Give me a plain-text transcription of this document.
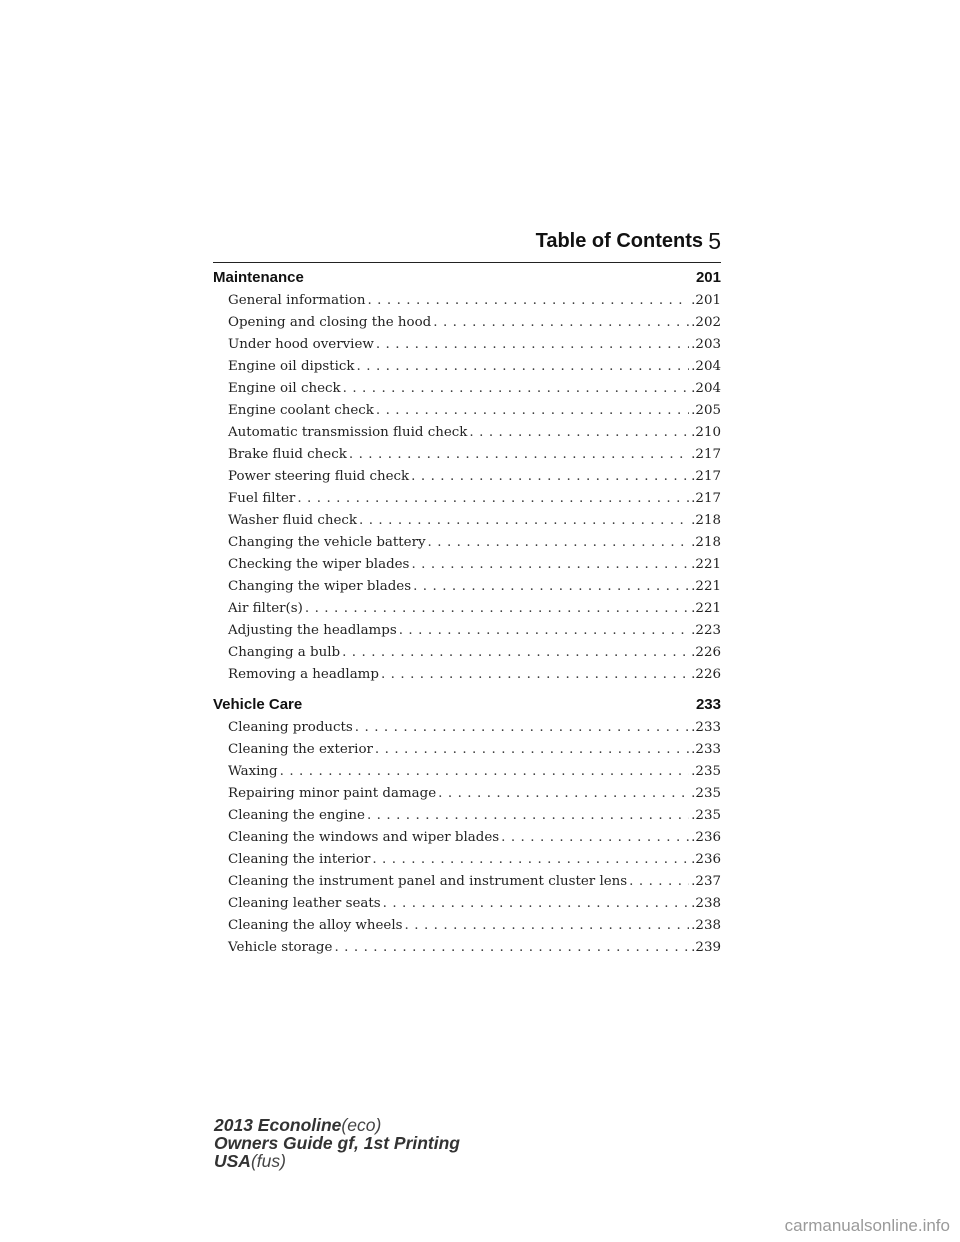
Table of Contents 5
Maintenance	201
General information . . .	.201
Opening and closing the hood . . .	.202
Under hood overview . . .	.203
Engine oil dipstick . . .	.204
Engine oil check . . .	.204
Engine coolant check . . .	.205
Automatic transmission fluid check . . .	.210
Brake fluid check . . .	.217
Power steering fluid check . . .	.217
Fuel filter . . .	.217
Washer fluid check . . .	.218
Changing the vehicle battery . . .	.218
Checking the wiper blades . . .	.221
Changing the wiper blades . . .	.221
Air filter(s) . . .	.221
Adjusting the headlamps . . .	.223
Changing a bulb . . .	.226
Removing a headlamp . . .	.226
Vehicle Care	233
Cleaning products . . .	.233
Cleaning the exterior . . .	.233
Waxing . . .	.235
Repairing minor paint damage . . .	.235
Cleaning the engine . . .	.235
Cleaning the windows and wiper blades . . .	.236
Cleaning the interior . . .	.236
Cleaning the instrument panel and instrument cluster lens . . .	.237
Cleaning leather seats . . .	.238
Cleaning the alloy wheels . . .	.238
Vehicle storage . . .	.239
2013 Econoline(eco)
Owners Guide gf, 1st Printing
USA(fus)
carmanualsonline.info
